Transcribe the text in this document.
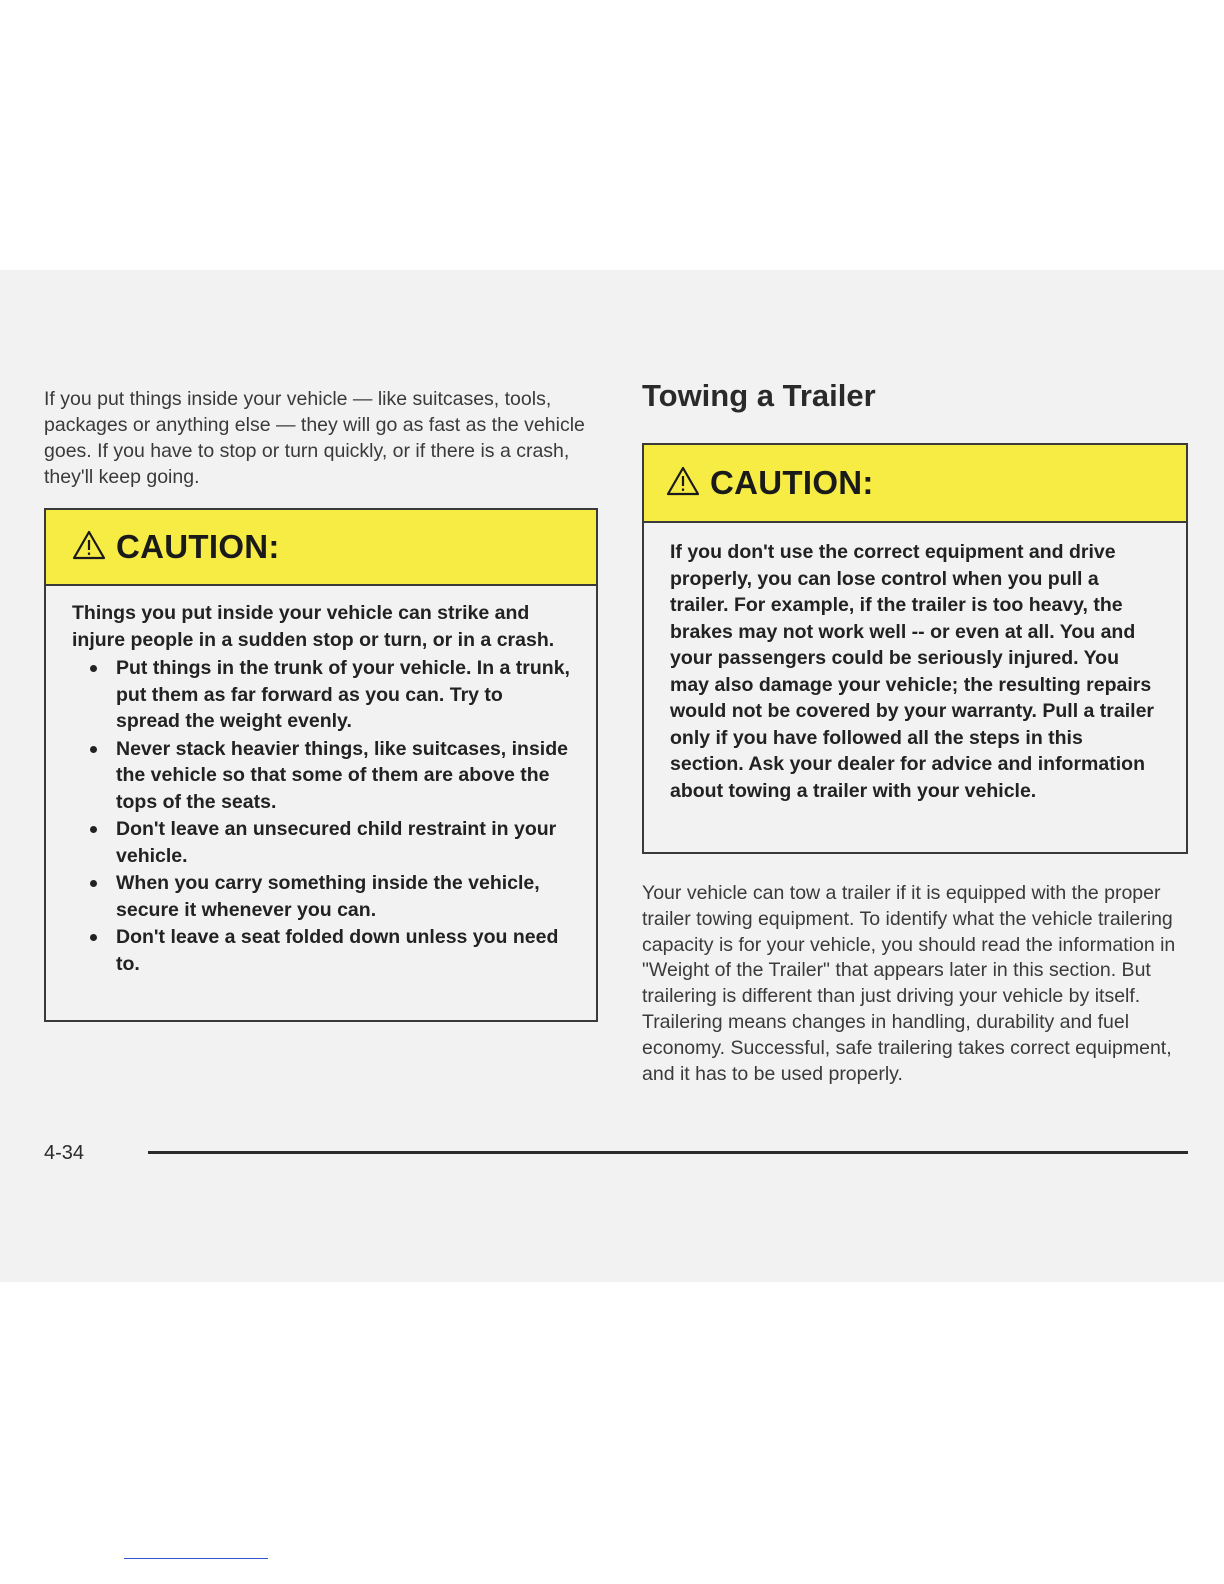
If you put things inside your vehicle — like suitcases, tools, packages or anything else — they will go as fast as the vehicle goes. If you have to stop or turn quickly, or if there is a crash, they'll keep going.

CAUTION:
Things you put inside your vehicle can strike and injure people in a sudden stop or turn, or in a crash.
Put things in the trunk of your vehicle. In a trunk, put them as far forward as you can. Try to spread the weight evenly.
Never stack heavier things, like suitcases, inside the vehicle so that some of them are above the tops of the seats.
Don't leave an unsecured child restraint in your vehicle.
When you carry something inside the vehicle, secure it whenever you can.
Don't leave a seat folded down unless you need to.
Towing a Trailer
CAUTION:
If you don't use the correct equipment and drive properly, you can lose control when you pull a trailer. For example, if the trailer is too heavy, the brakes may not work well -- or even at all. You and your passengers could be seriously injured. You may also damage your vehicle; the resulting repairs would not be covered by your warranty. Pull a trailer only if you have followed all the steps in this section. Ask your dealer for advice and information about towing a trailer with your vehicle.

Your vehicle can tow a trailer if it is equipped with the proper trailer towing equipment. To identify what the vehicle trailering capacity is for your vehicle, you should read the information in "Weight of the Trailer" that appears later in this section. But trailering is different than just driving your vehicle by itself. Trailering means changes in handling, durability and fuel economy. Successful, safe trailering takes correct equipment, and it has to be used properly.

4-34
